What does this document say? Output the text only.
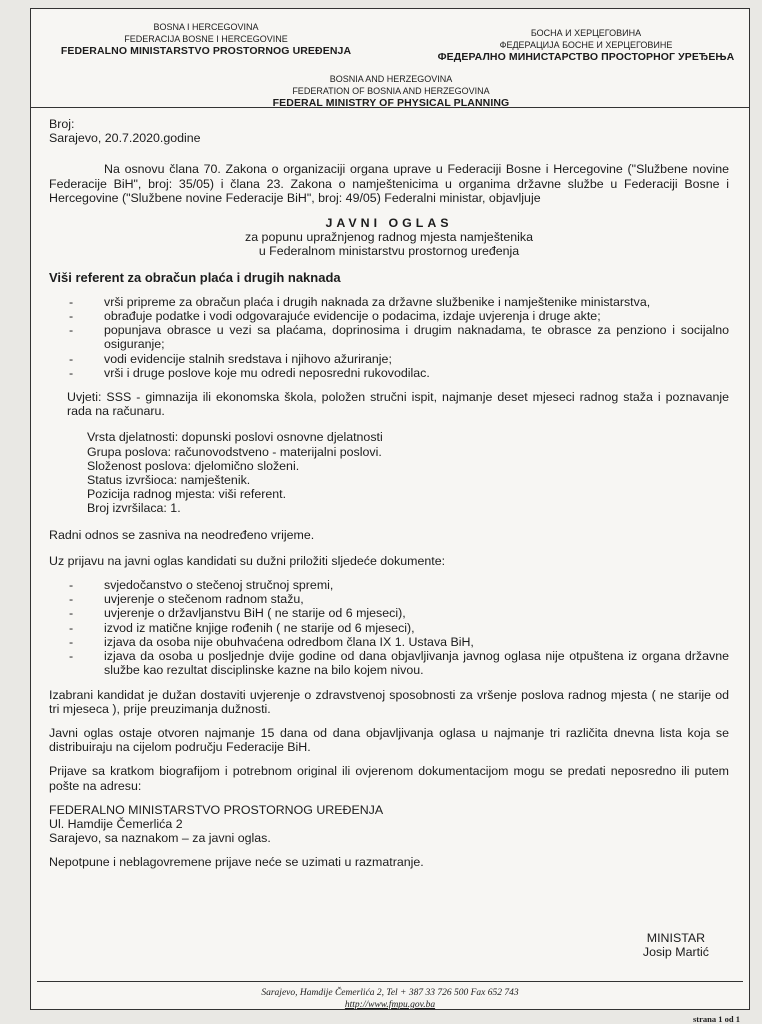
BOSNA I HERCEGOVINA
FEDERACIJA BOSNE I HERCEGOVINE
FEDERALNO MINISTARSTVO PROSTORNOG UREĐENJA
БОСНА И ХЕРЦЕГОВИНА
ФЕДЕРАЦИЈА БОСНЕ И ХЕРЦЕГОВИНЕ
ФЕДЕРАЛНО МИНИСТАРСТВО ПРОСТОРНОГ УРЕЂЕЊА
BOSNIA AND HERZEGOVINA
FEDERATION OF BOSNIA AND HERZEGOVINA
FEDERAL MINISTRY OF PHYSICAL PLANNING

Broj:

Sarajevo, 20.7.2020.godine

Na osnovu člana 70. Zakona o organizaciji organa uprave u Federaciji Bosne i Hercegovine ("Službene novine Federacije BiH", broj: 35/05) i člana 23. Zakona o namještenicima u organima državne službe u Federaciji Bosne i Hercegovine ("Službene novine Federacije BiH", broj: 49/05) Federalni ministar, objavljuje

JAVNI OGLAS

za popunu upražnjenog radnog mjesta namještenika

u Federalnom ministarstvu prostornog uređenja

Viši referent za obračun plaća i drugih naknada

- vrši pripreme za obračun plaća i drugih naknada za državne službenike i namještenike ministarstva,
- obrađuje podatke i vodi odgovarajuće evidencije o podacima, izdaje uvjerenja i druge akte;
- popunjava obrasce u vezi sa plaćama, doprinosima i drugim naknadama, te obrasce za penziono i socijalno osiguranje;
- vodi evidencije stalnih sredstava i njihovo ažuriranje;
- vrši i druge poslove koje mu odredi neposredni rukovodilac.

Uvjeti: SSS - gimnazija ili ekonomska škola, položen stručni ispit, najmanje deset mjeseci radnog staža i poznavanje rada na računaru.

Vrsta djelatnosti: dopunski poslovi osnovne djelatnosti

Grupa poslova: računovodstveno - materijalni poslovi.

Složenost poslova: djelomično složeni.

Status izvršioca: namještenik.

Pozicija radnog mjesta: viši referent.

Broj izvršilaca: 1.

Radni odnos se zasniva na neodređeno vrijeme.

Uz prijavu na javni oglas kandidati su dužni priložiti sljedeće dokumente:

- svjedočanstvo o stečenoj stručnoj spremi,
- uvjerenje o stečenom radnom stažu,
- uvjerenje o državljanstvu BiH ( ne starije od 6 mjeseci),
- izvod iz matične knjige rođenih ( ne starije od 6 mjeseci),
- izjava da osoba nije obuhvaćena odredbom člana IX 1. Ustava BiH,
- izjava da osoba u posljednje dvije godine od dana objavljivanja javnog oglasa nije otpuštena iz organa državne službe kao rezultat disciplinske kazne na bilo kojem nivou.

Izabrani kandidat je dužan dostaviti uvjerenje o zdravstvenoj sposobnosti za vršenje poslova radnog mjesta ( ne starije od tri mjeseca ), prije preuzimanja dužnosti.

Javni oglas ostaje otvoren najmanje 15 dana od dana objavljivanja oglasa u najmanje tri različita dnevna lista koja se distribuiraju na cijelom području Federacije BiH.

Prijave sa kratkom biografijom i potrebnom original ili ovjerenom dokumentacijom mogu se predati neposredno ili putem pošte na adresu:

FEDERALNO MINISTARSTVO PROSTORNOG UREĐENJA

Ul. Hamdije Čemerlića 2

Sarajevo, sa naznakom – za javni oglas.

Nepotpune i neblagovremene prijave neće se uzimati u razmatranje.

MINISTAR
Josip Martić
Sarajevo, Hamdije Čemerlića 2, Tel + 387 33 726 500 Fax 652 743
http://www.fmpu.gov.ba
strana 1 od 1
